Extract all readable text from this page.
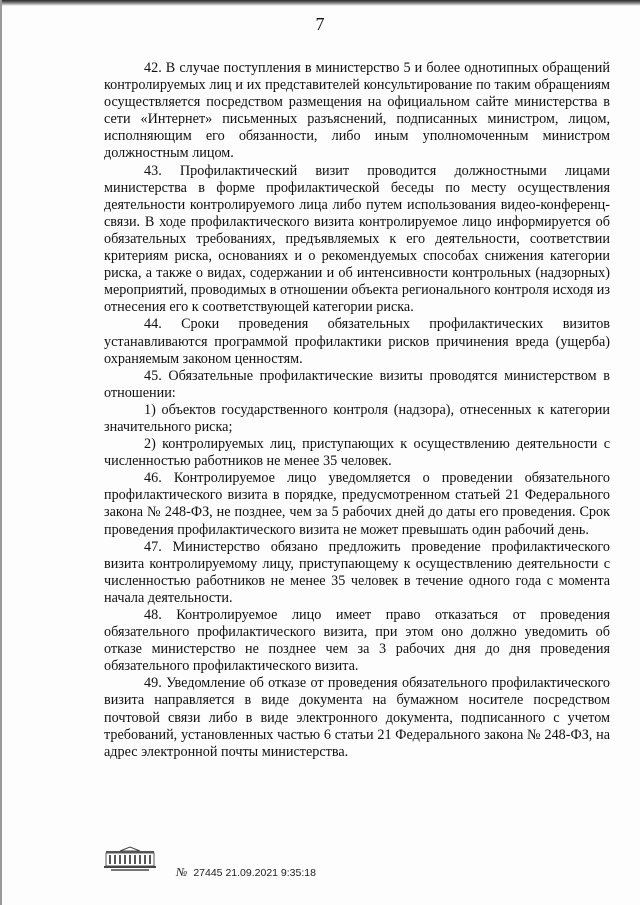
7

42. В случае поступления в министерство 5 и более однотипных обращений контролируемых лиц и их представителей консультирование по таким обращениям осуществляется посредством размещения на официальном сайте министерства в сети «Интернет» письменных разъяснений, подписанных министром, лицом, исполняющим его обязанности, либо иным уполномоченным министром должностным лицом.

43. Профилактический визит проводится должностными лицами министерства в форме профилактической беседы по месту осуществления деятельности контролируемого лица либо путем использования видео-конференц-связи. В ходе профилактического визита контролируемое лицо информируется об обязательных требованиях, предъявляемых к его деятельности, соответствии критериям риска, основаниях и о рекомендуемых способах снижения категории риска, а также о видах, содержании и об интенсивности контрольных (надзорных) мероприятий, проводимых в отношении объекта регионального контроля исходя из отнесения его к соответствующей категории риска.

44. Сроки проведения обязательных профилактических визитов устанавливаются программой профилактики рисков причинения вреда (ущерба) охраняемым законом ценностям.

45. Обязательные профилактические визиты проводятся министерством в отношении:

1) объектов государственного контроля (надзора), отнесенных к категории значительного риска;

2) контролируемых лиц, приступающих к осуществлению деятельности с численностью работников не менее 35 человек.

46. Контролируемое лицо уведомляется о проведении обязательного профилактического визита в порядке, предусмотренном статьей 21 Федерального закона № 248-ФЗ, не позднее, чем за 5 рабочих дней до даты его проведения. Срок проведения профилактического визита не может превышать один рабочий день.

47. Министерство обязано предложить проведение профилактического визита контролируемому лицу, приступающему к осуществлению деятельности с численностью работников не менее 35 человек в течение одного года с момента начала деятельности.

48. Контролируемое лицо имеет право отказаться от проведения обязательного профилактического визита, при этом оно должно уведомить об отказе министерство не позднее чем за 3 рабочих дня до дня проведения обязательного профилактического визита.

49. Уведомление об отказе от проведения обязательного профилактического визита направляется в виде документа на бумажном носителе посредством почтовой связи либо в виде электронного документа, подписанного с учетом требований, установленных частью 6 статьи 21 Федерального закона № 248-ФЗ, на адрес электронной почты министерства.

№ 27445 21.09.2021 9:35:18
